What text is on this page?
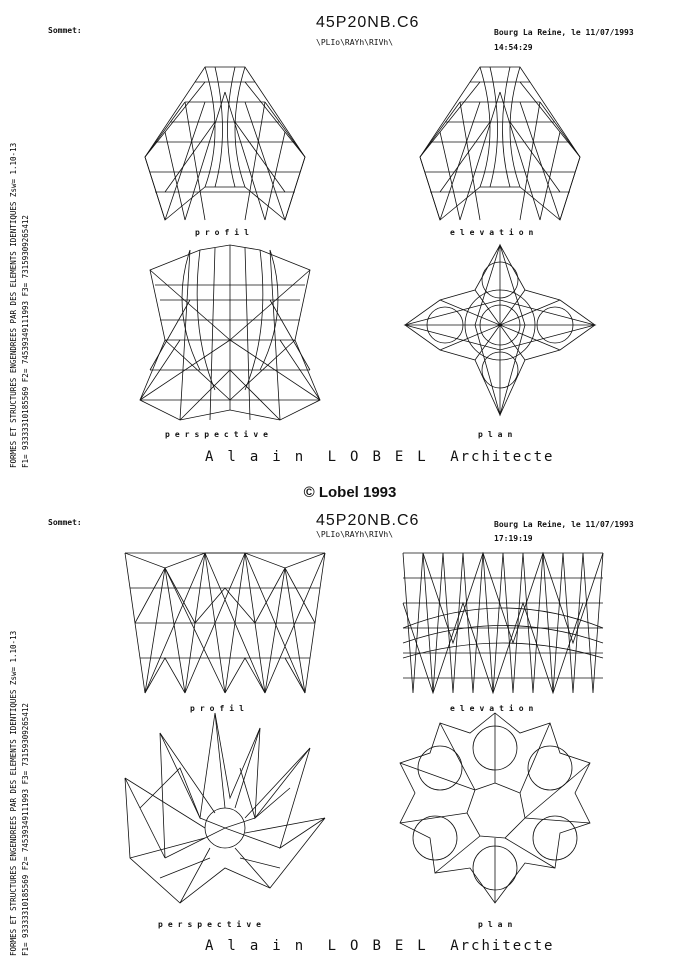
Sommet:	45P20NB.C6
\PLIo\RAYh\RIVh\
Bourg La Reine, le 11/07/1993
14:54:29
FORMES ET STRUCTURES ENGENDREES PAR DES ELEMENTS IDENTIQUES Zsw= 1.10-13 F1= 93333310185569 F2= 74539349111993 F3= 73159309265412	profil	elevation
perspective	plan
Alain LOBEL Architecte
© Lobel 1993
Sommet:	45P20NB.C6
\PLIo\RAYh\RIVh\
Bourg La Reine, le 11/07/1993
17:19:19
FORMES ET STRUCTURES ENGENDREES PAR DES ELEMENTS IDENTIQUES Zsw= 1.10-13 F1= 93333310185569 F2= 74539349111993 F3= 73159309265412	profil	elevation
perspective	plan
Alain LOBEL Architecte
